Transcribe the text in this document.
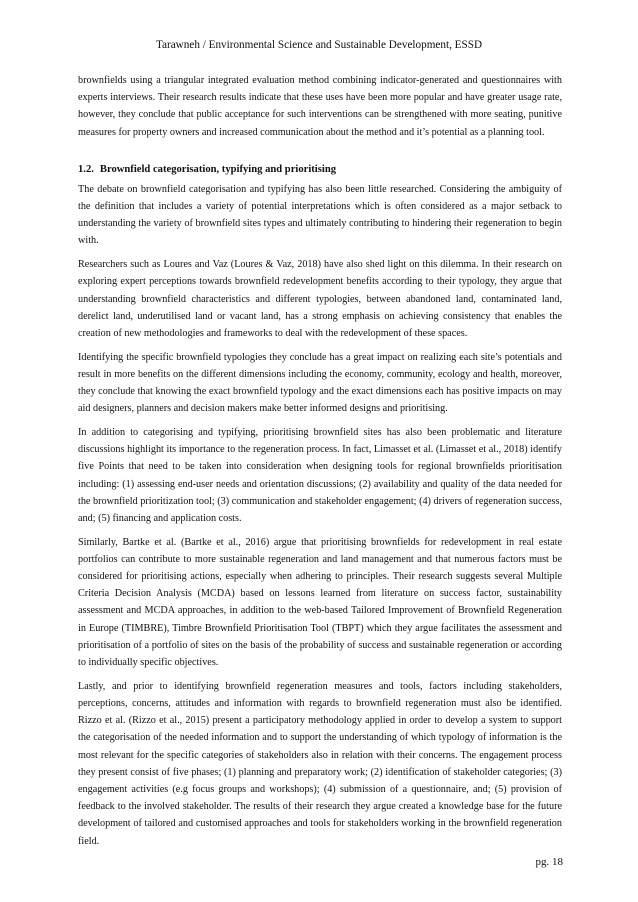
Tarawneh / Environmental Science and Sustainable Development, ESSD

brownfields using a triangular integrated evaluation method combining indicator-generated and questionnaires with experts interviews. Their research results indicate that these uses have been more popular and have greater usage rate, however, they conclude that public acceptance for such interventions can be strengthened with more seating, punitive measures for property owners and increased communication about the method and it’s potential as a planning tool.

1.2. Brownfield categorisation, typifying and prioritising

The debate on brownfield categorisation and typifying has also been little researched. Considering the ambiguity of the definition that includes a variety of potential interpretations which is often considered as a major setback to understanding the variety of brownfield sites types and ultimately contributing to hindering their regeneration to begin with.

Researchers such as Loures and Vaz (Loures & Vaz, 2018) have also shed light on this dilemma. In their research on exploring expert perceptions towards brownfield redevelopment benefits according to their typology, they argue that understanding brownfield characteristics and different typologies, between abandoned land, contaminated land, derelict land, underutilised land or vacant land, has a strong emphasis on achieving consistency that enables the creation of new methodologies and frameworks to deal with the redevelopment of these spaces.

Identifying the specific brownfield typologies they conclude has a great impact on realizing each site’s potentials and result in more benefits on the different dimensions including the economy, community, ecology and health, moreover, they conclude that knowing the exact brownfield typology and the exact dimensions each has positive impacts on may aid designers, planners and decision makers make better informed designs and prioritising.

In addition to categorising and typifying, prioritising brownfield sites has also been problematic and literature discussions highlight its importance to the regeneration process. In fact, Limasset et al. (Limasset et al., 2018) identify five Points that need to be taken into consideration when designing tools for regional brownfields prioritisation including: (1) assessing end-user needs and orientation discussions; (2) availability and quality of the data needed for the brownfield prioritization tool; (3) communication and stakeholder engagement; (4) drivers of regeneration success, and; (5) financing and application costs.

Similarly, Bartke et al. (Bartke et al., 2016) argue that prioritising brownfields for redevelopment in real estate portfolios can contribute to more sustainable regeneration and land management and that numerous factors must be considered for prioritising actions, especially when adhering to principles. Their research suggests several Multiple Criteria Decision Analysis (MCDA) based on lessons learned from literature on success factor, sustainability assessment and MCDA approaches, in addition to the web-based Tailored Improvement of Brownfield Regeneration in Europe (TIMBRE), Timbre Brownfield Prioritisation Tool (TBPT) which they argue facilitates the assessment and prioritisation of a portfolio of sites on the basis of the probability of success and sustainable regeneration or according to individually specific objectives.

Lastly, and prior to identifying brownfield regeneration measures and tools, factors including stakeholders, perceptions, concerns, attitudes and information with regards to brownfield regeneration must also be identified. Rizzo et al. (Rizzo et al., 2015) present a participatory methodology applied in order to develop a system to support the categorisation of the needed information and to support the understanding of which typology of information is the most relevant for the specific categories of stakeholders also in relation with their concerns. The engagement process they present consist of five phases; (1) planning and preparatory work; (2) identification of stakeholder categories; (3) engagement activities (e.g focus groups and workshops); (4) submission of a questionnaire, and; (5) provision of feedback to the involved stakeholder. The results of their research they argue created a knowledge base for the future development of tailored and customised approaches and tools for stakeholders working in the brownfield regeneration field.

pg. 18
